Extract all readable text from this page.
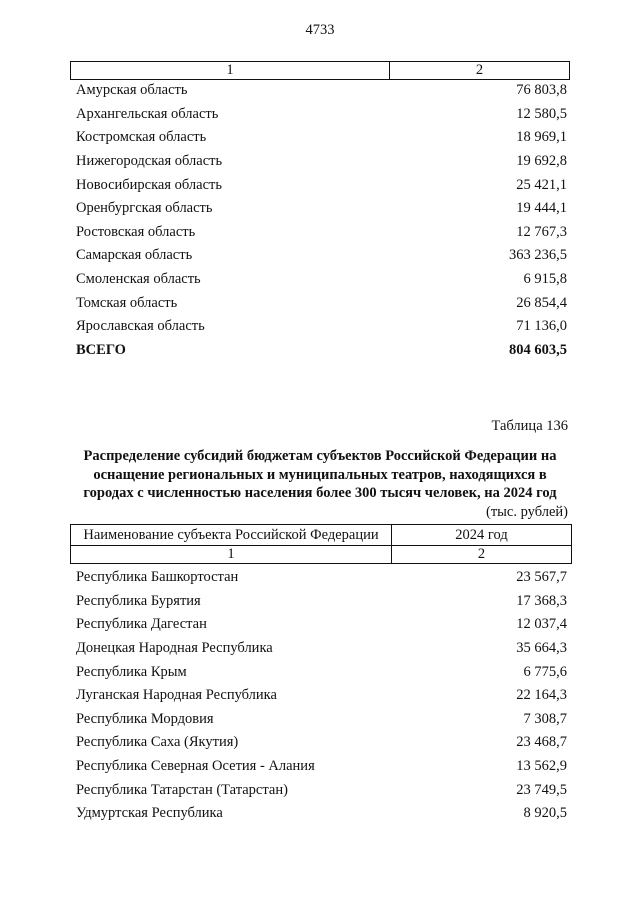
4733
1	2
Амурская область	76 803,8
Архангельская область	12 580,5
Костромская область	18 969,1
Нижегородская область	19 692,8
Новосибирская область	25 421,1
Оренбургская область	19 444,1
Ростовская область	12 767,3
Самарская область	363 236,5
Смоленская область	6 915,8
Томская область	26 854,4
Ярославская область	71 136,0
ВСЕГО	804 603,5
Таблица 136
Распределение субсидий бюджетам субъектов Российской Федерации на
оснащение региональных и муниципальных театров, находящихся в
городах с численностью населения более 300 тысяч человек, на 2024 год
(тыс. рублей)
Наименование субъекта Российской Федерации	2024 год
1	2
Республика Башкортостан	23 567,7
Республика Бурятия	17 368,3
Республика Дагестан	12 037,4
Донецкая Народная Республика	35 664,3
Республика Крым	6 775,6
Луганская Народная Республика	22 164,3
Республика Мордовия	7 308,7
Республика Саха (Якутия)	23 468,7
Республика Северная Осетия - Алания	13 562,9
Республика Татарстан (Татарстан)	23 749,5
Удмуртская Республика	8 920,5
